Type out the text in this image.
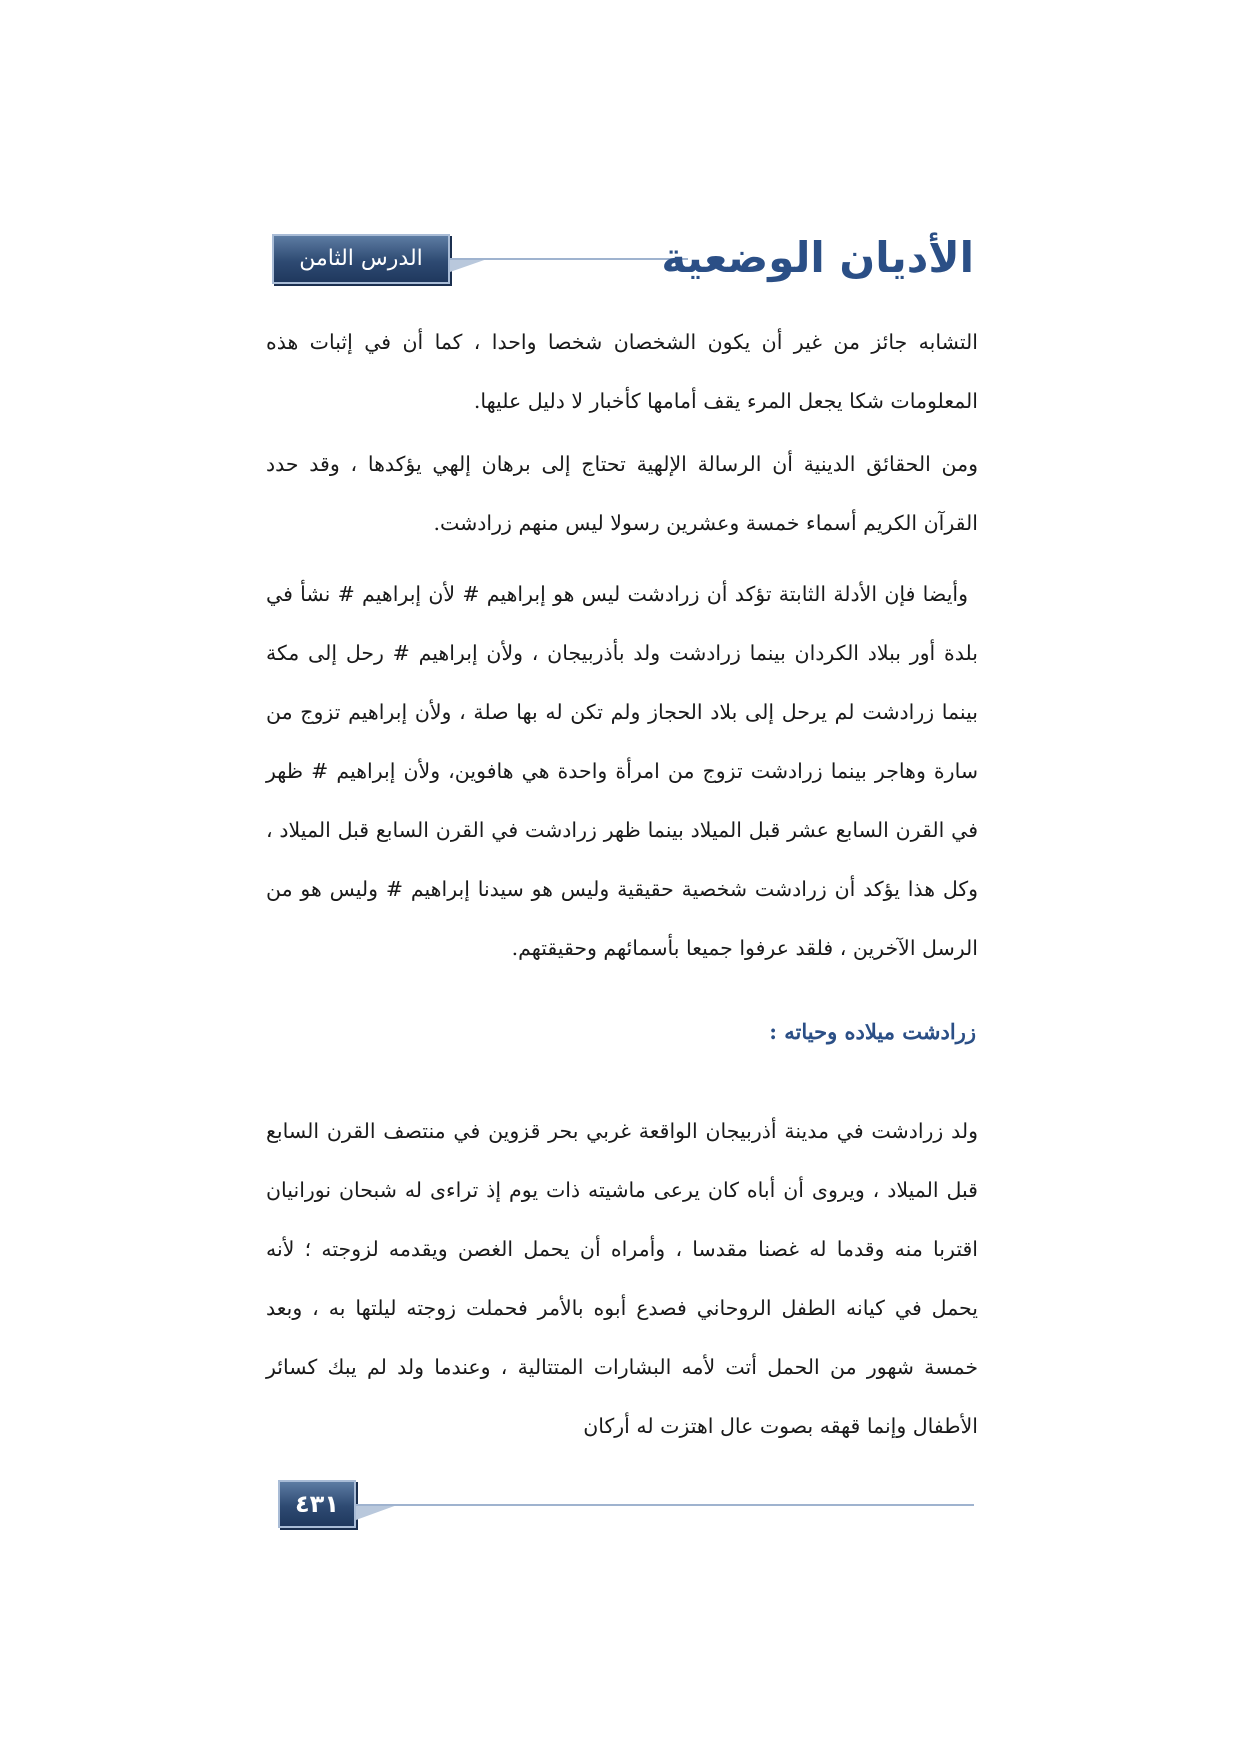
الدرس الثامن عشر
الأديان الوضعية

التشابه جائز من غير أن يكون الشخصان شخصا واحدا ، كما أن في إثبات هذه المعلومات شكا يجعل المرء يقف أمامها كأخبار لا دليل عليها.

ومن الحقائق الدينية أن الرسالة الإلهية تحتاج إلى برهان إلهي يؤكدها ، وقد حدد القرآن الكريم أسماء خمسة وعشرين رسولا ليس منهم زرادشت.

وأيضا فإن الأدلة الثابتة تؤكد أن زرادشت ليس هو إبراهيم # لأن إبراهيم # نشأ في بلدة أور ببلاد الكردان بينما زرادشت ولد بأذربيجان ، ولأن إبراهيم # رحل إلى مكة بينما زرادشت لم يرحل إلى بلاد الحجاز ولم تكن له بها صلة ، ولأن إبراهيم تزوج من سارة وهاجر بينما زرادشت تزوج من امرأة واحدة هي هافوين، ولأن إبراهيم # ظهر في القرن السابع عشر قبل الميلاد بينما ظهر زرادشت في القرن السابع قبل الميلاد ، وكل هذا يؤكد أن زرادشت شخصية حقيقية وليس هو سيدنا إبراهيم # وليس هو من الرسل الآخرين ، فلقد عرفوا جميعا بأسمائهم وحقيقتهم.

زرادشت ميلاده وحياته :

ولد زرادشت في مدينة أذربيجان الواقعة غربي بحر قزوين في منتصف القرن السابع قبل الميلاد ، ويروى أن أباه كان يرعى ماشيته ذات يوم إذ تراءى له شبحان نورانيان اقتربا منه وقدما له غصنا مقدسا ، وأمراه أن يحمل الغصن ويقدمه لزوجته ؛ لأنه يحمل في كيانه الطفل الروحاني فصدع أبوه بالأمر فحملت زوجته ليلتها به ، وبعد خمسة شهور من الحمل أتت لأمه البشارات المتتالية ، وعندما ولد لم يبك كسائر الأطفال وإنما قهقه بصوت عال اهتزت له أركان

٤٣١
